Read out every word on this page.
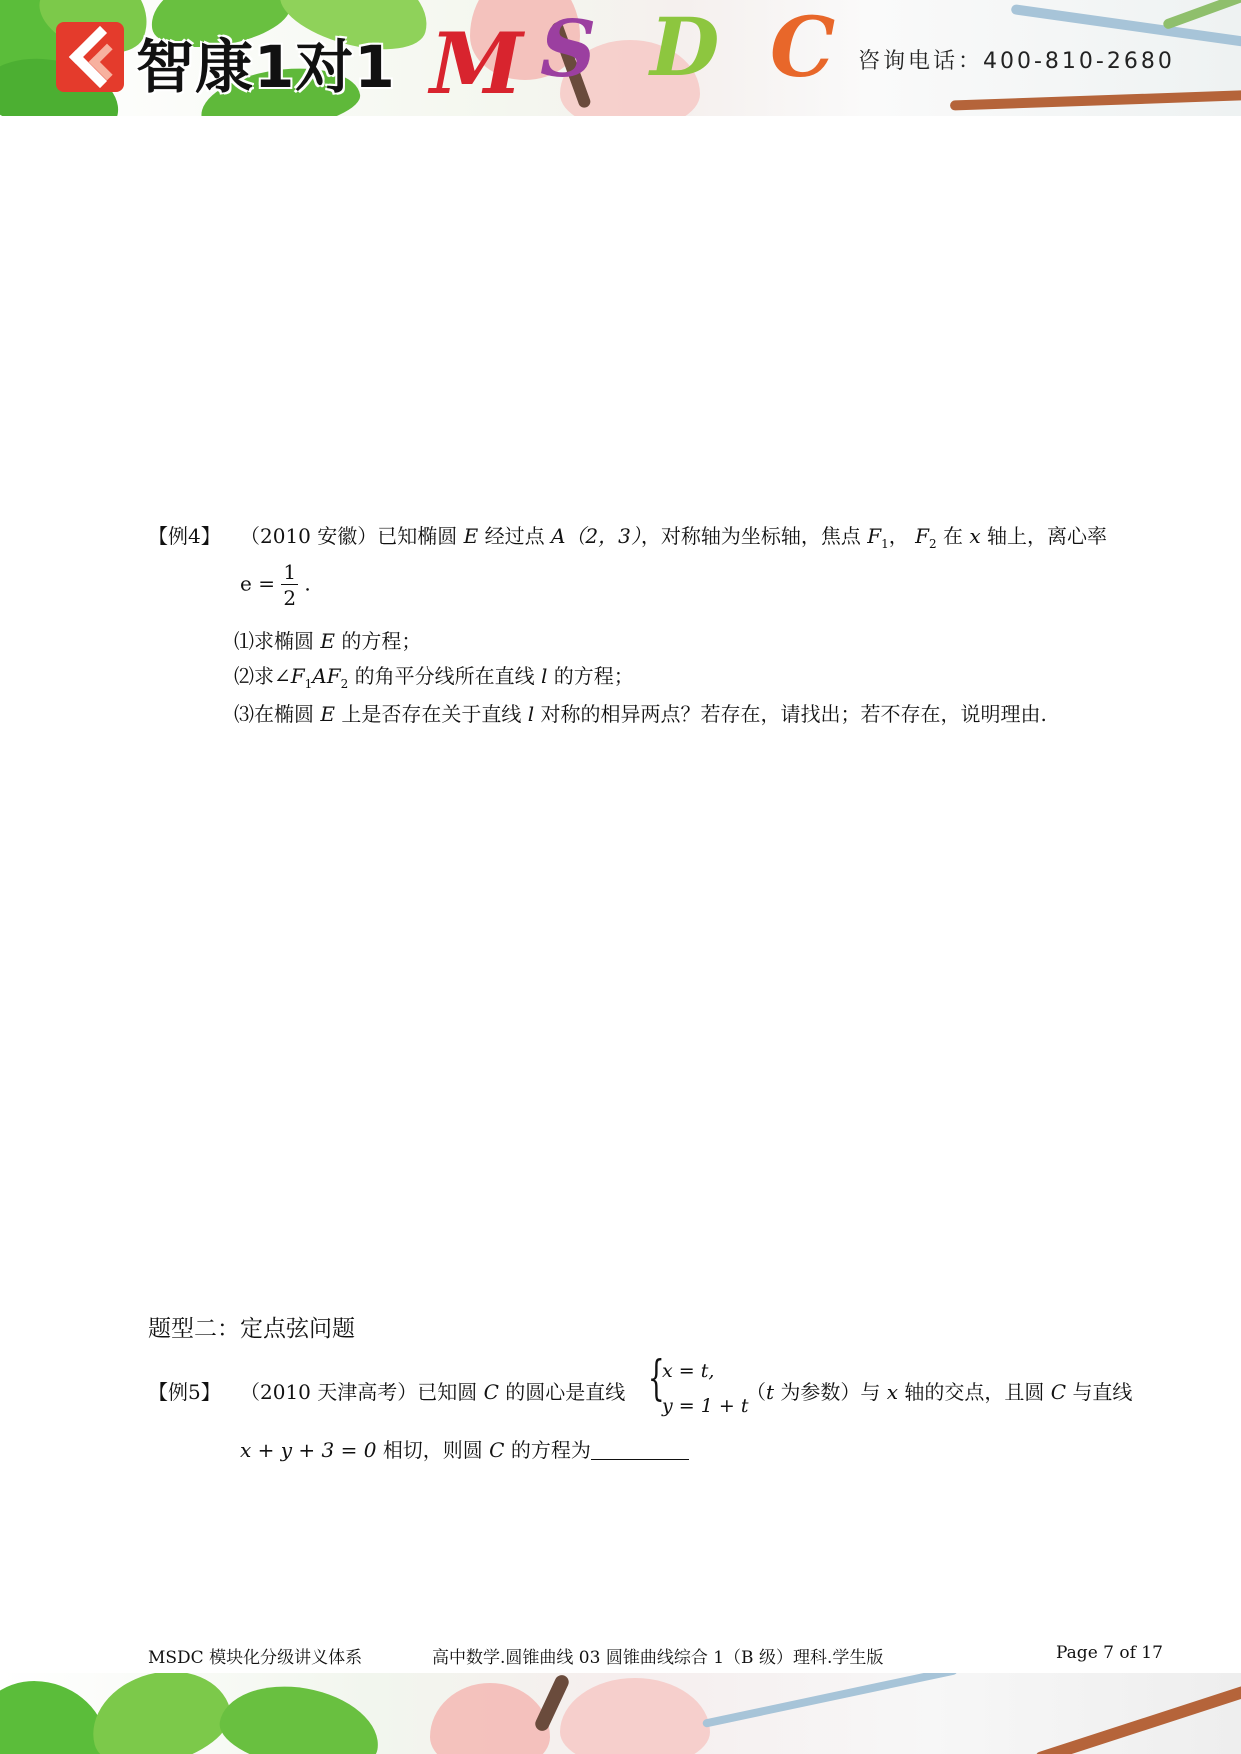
智康1对1 M S D C 咨询电话：400-810-2680
【例4】 （2010 安徽）已知椭圆 E 经过点 A（2，3），对称轴为坐标轴，焦点 $F_1$， $F_2$ 在 x 轴上，离心率
$e = \frac{1}{2}$ .
⑴求椭圆 E 的方程；
⑵求$\angle F_1AF_2$ 的角平分线所在直线 l 的方程；
⑶在椭圆 E 上是否存在关于直线 l 对称的相异两点？若存在，请找出；若不存在，说明理由.
题型二：定点弦问题
【例5】 （2010 天津高考）已知圆 C 的圆心是直线 {
x = t,
y = 1 + t
（t 为参数）与 x 轴的交点，且圆 C 与直线
x + y + 3 = 0 相切，则圆 C 的方程为
MSDC 模块化分级讲义体系	高中数学.圆锥曲线 03 圆锥曲线综合 1（B 级）理科.学生版	Page 7 of 17
